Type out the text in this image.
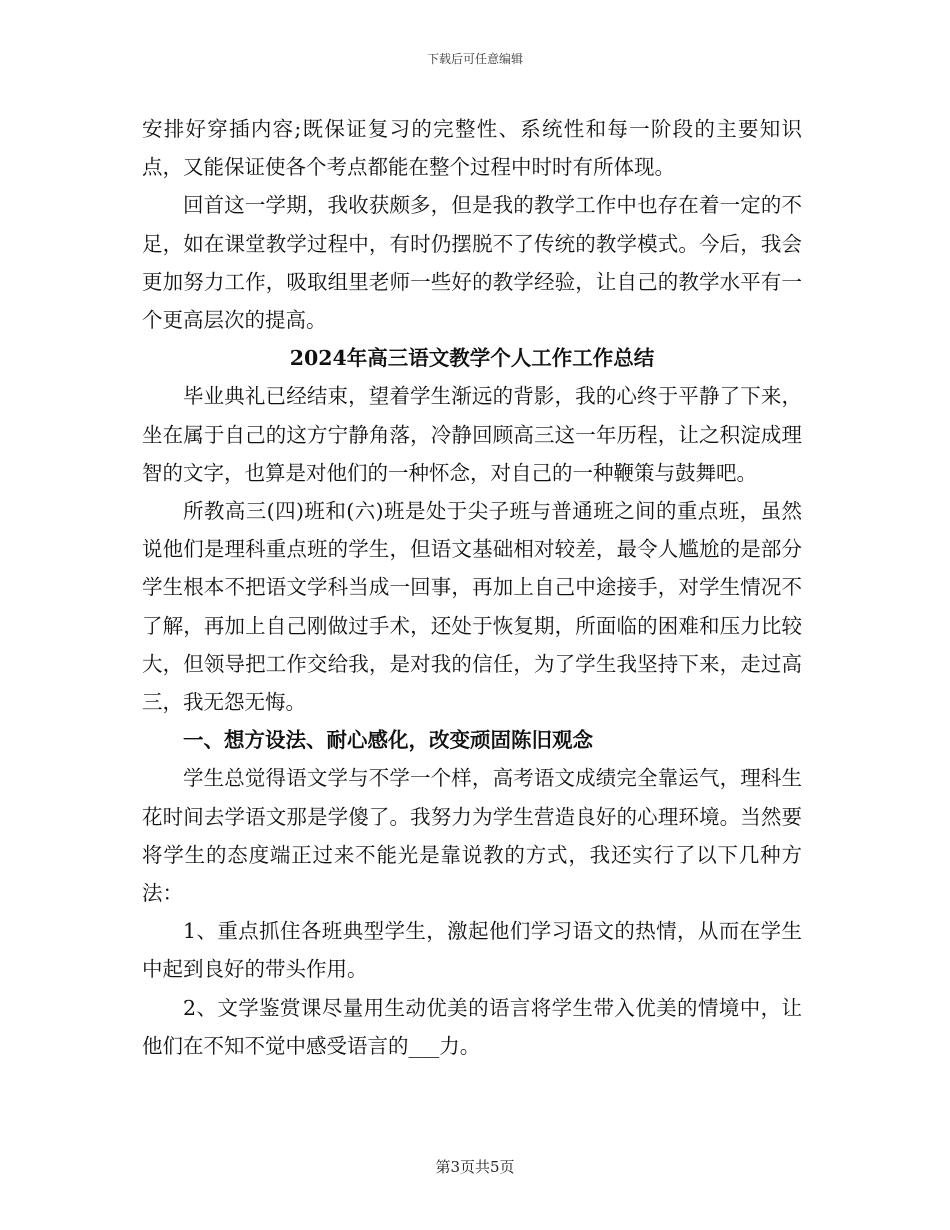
下载后可任意编辑

安排好穿插内容;既保证复习的完整性、系统性和每一阶段的主要知识点，又能保证使各个考点都能在整个过程中时时有所体现。

回首这一学期，我收获颇多，但是我的教学工作中也存在着一定的不足，如在课堂教学过程中，有时仍摆脱不了传统的教学模式。今后，我会更加努力工作，吸取组里老师一些好的教学经验，让自己的教学水平有一个更高层次的提高。

2024年高三语文教学个人工作工作总结

毕业典礼已经结束，望着学生渐远的背影，我的心终于平静了下来，坐在属于自己的这方宁静角落，冷静回顾高三这一年历程，让之积淀成理智的文字，也算是对他们的一种怀念，对自己的一种鞭策与鼓舞吧。

所教高三(四)班和(六)班是处于尖子班与普通班之间的重点班，虽然说他们是理科重点班的学生，但语文基础相对较差，最令人尴尬的是部分学生根本不把语文学科当成一回事，再加上自己中途接手，对学生情况不了解，再加上自己刚做过手术，还处于恢复期，所面临的困难和压力比较大，但领导把工作交给我，是对我的信任，为了学生我坚持下来，走过高三，我无怨无悔。

一、想方设法、耐心感化，改变顽固陈旧观念

学生总觉得语文学与不学一个样，高考语文成绩完全靠运气，理科生花时间去学语文那是学傻了。我努力为学生营造良好的心理环境。当然要将学生的态度端正过来不能光是靠说教的方式，我还实行了以下几种方法：

1、重点抓住各班典型学生，激起他们学习语文的热情，从而在学生中起到良好的带头作用。

2、文学鉴赏课尽量用生动优美的语言将学生带入优美的情境中，让他们在不知不觉中感受语言的___力。

第3页共5页
